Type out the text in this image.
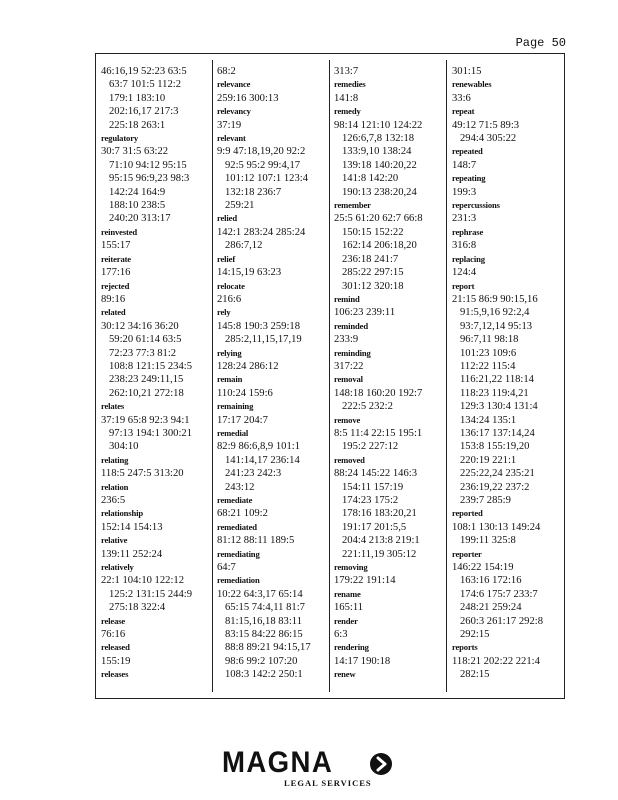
Page 50
46:16,19 52:23 63:5
63:7 101:5 112:2
179:1 183:10
202:16,17 217:3
225:18 263:1
regulatory
30:7 31:5 63:22
71:10 94:12 95:15
95:15 96:9,23 98:3
142:24 164:9
188:10 238:5
240:20 313:17
reinvested
155:17
reiterate
177:16
rejected
89:16
related
30:12 34:16 36:20
59:20 61:14 63:5
72:23 77:3 81:2
108:8 121:15 234:5
238:23 249:11,15
262:10,21 272:18
relates
37:19 65:8 92:3 94:1
97:13 194:1 300:21
304:10
relating
118:5 247:5 313:20
relation
236:5
relationship
152:14 154:13
relative
139:11 252:24
relatively
22:1 104:10 122:12
125:2 131:15 244:9
275:18 322:4
release
76:16
released
155:19
releases
68:2
relevance
259:16 300:13
relevancy
37:19
relevant
9:9 47:18,19,20 92:2
92:5 95:2 99:4,17
101:12 107:1 123:4
132:18 236:7
259:21
relied
142:1 283:24 285:24
286:7,12
relief
14:15,19 63:23
relocate
216:6
rely
145:8 190:3 259:18
285:2,11,15,17,19
relying
128:24 286:12
remain
110:24 159:6
remaining
17:17 204:7
remedial
82:9 86:6,8,9 101:1
141:14,17 236:14
241:23 242:3
243:12
remediate
68:21 109:2
remediated
81:12 88:11 189:5
remediating
64:7
remediation
10:22 64:3,17 65:14
65:15 74:4,11 81:7
81:15,16,18 83:11
83:15 84:22 86:15
88:8 89:21 94:15,17
98:6 99:2 107:20
108:3 142:2 250:1
313:7
remedies
141:8
remedy
98:14 121:10 124:22
126:6,7,8 132:18
133:9,10 138:24
139:18 140:20,22
141:8 142:20
190:13 238:20,24
remember
25:5 61:20 62:7 66:8
150:15 152:22
162:14 206:18,20
236:18 241:7
285:22 297:15
301:12 320:18
remind
106:23 239:11
reminded
233:9
reminding
317:22
removal
148:18 160:20 192:7
222:5 232:2
remove
8:5 11:4 22:15 195:1
195:2 227:12
removed
88:24 145:22 146:3
154:11 157:19
174:23 175:2
178:16 183:20,21
191:17 201:5,5
204:4 213:8 219:1
221:11,19 305:12
removing
179:22 191:14
rename
165:11
render
6:3
rendering
14:17 190:18
renew
301:15
renewables
33:6
repeat
49:12 71:5 89:3
294:4 305:22
repeated
148:7
repeating
199:3
repercussions
231:3
rephrase
316:8
replacing
124:4
report
21:15 86:9 90:15,16
91:5,9,16 92:2,4
93:7,12,14 95:13
96:7,11 98:18
101:23 109:6
112:22 115:4
116:21,22 118:14
118:23 119:4,21
129:3 130:4 131:4
134:24 135:1
136:17 137:14,24
153:8 155:19,20
220:19 221:1
225:22,24 235:21
236:19,22 237:2
239:7 285:9
reported
108:1 130:13 149:24
199:11 325:8
reporter
146:22 154:19
163:16 172:16
174:6 175:7 233:7
248:21 259:24
260:3 261:17 292:8
292:15
reports
118:21 202:22 221:4
282:15
MAGNA
LEGAL SERVICES
